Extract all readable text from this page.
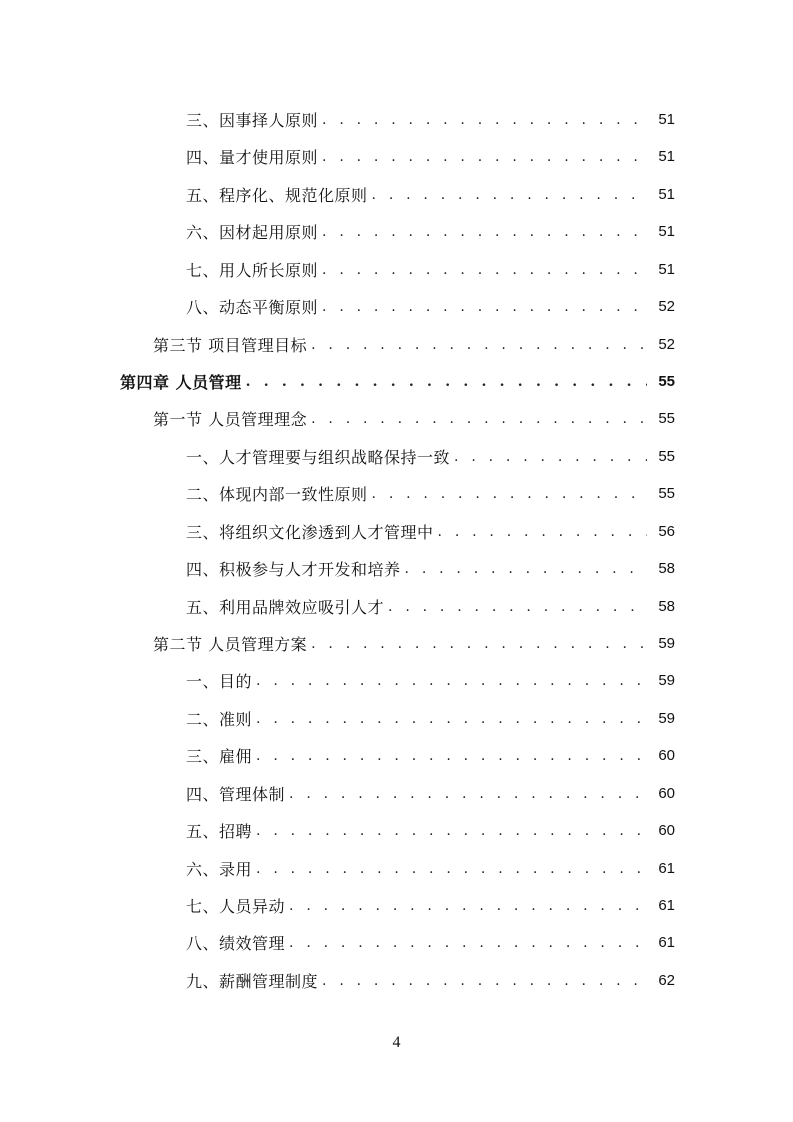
三、因事择人原则 . . .	51
四、量才使用原则 . . .	51
五、程序化、规范化原则 . . .	51
六、因材起用原则 . . .	51
七、用人所长原则 . . .	51
八、动态平衡原则 . . .	52
第三节 项目管理目标 . . .	52
第四章 人员管理 . . .	55
第一节 人员管理理念 . . .	55
一、人才管理要与组织战略保持一致 . . .	55
二、体现内部一致性原则 . . .	55
三、将组织文化渗透到人才管理中 . . .	56
四、积极参与人才开发和培养 . . .	58
五、利用品牌效应吸引人才 . . .	58
第二节 人员管理方案 . . .	59
一、目的 . . .	59
二、准则 . . .	59
三、雇佣 . . .	60
四、管理体制 . . .	60
五、招聘 . . .	60
六、录用 . . .	61
七、人员异动 . . .	61
八、绩效管理 . . .	61
九、薪酬管理制度 . . .	62
4
